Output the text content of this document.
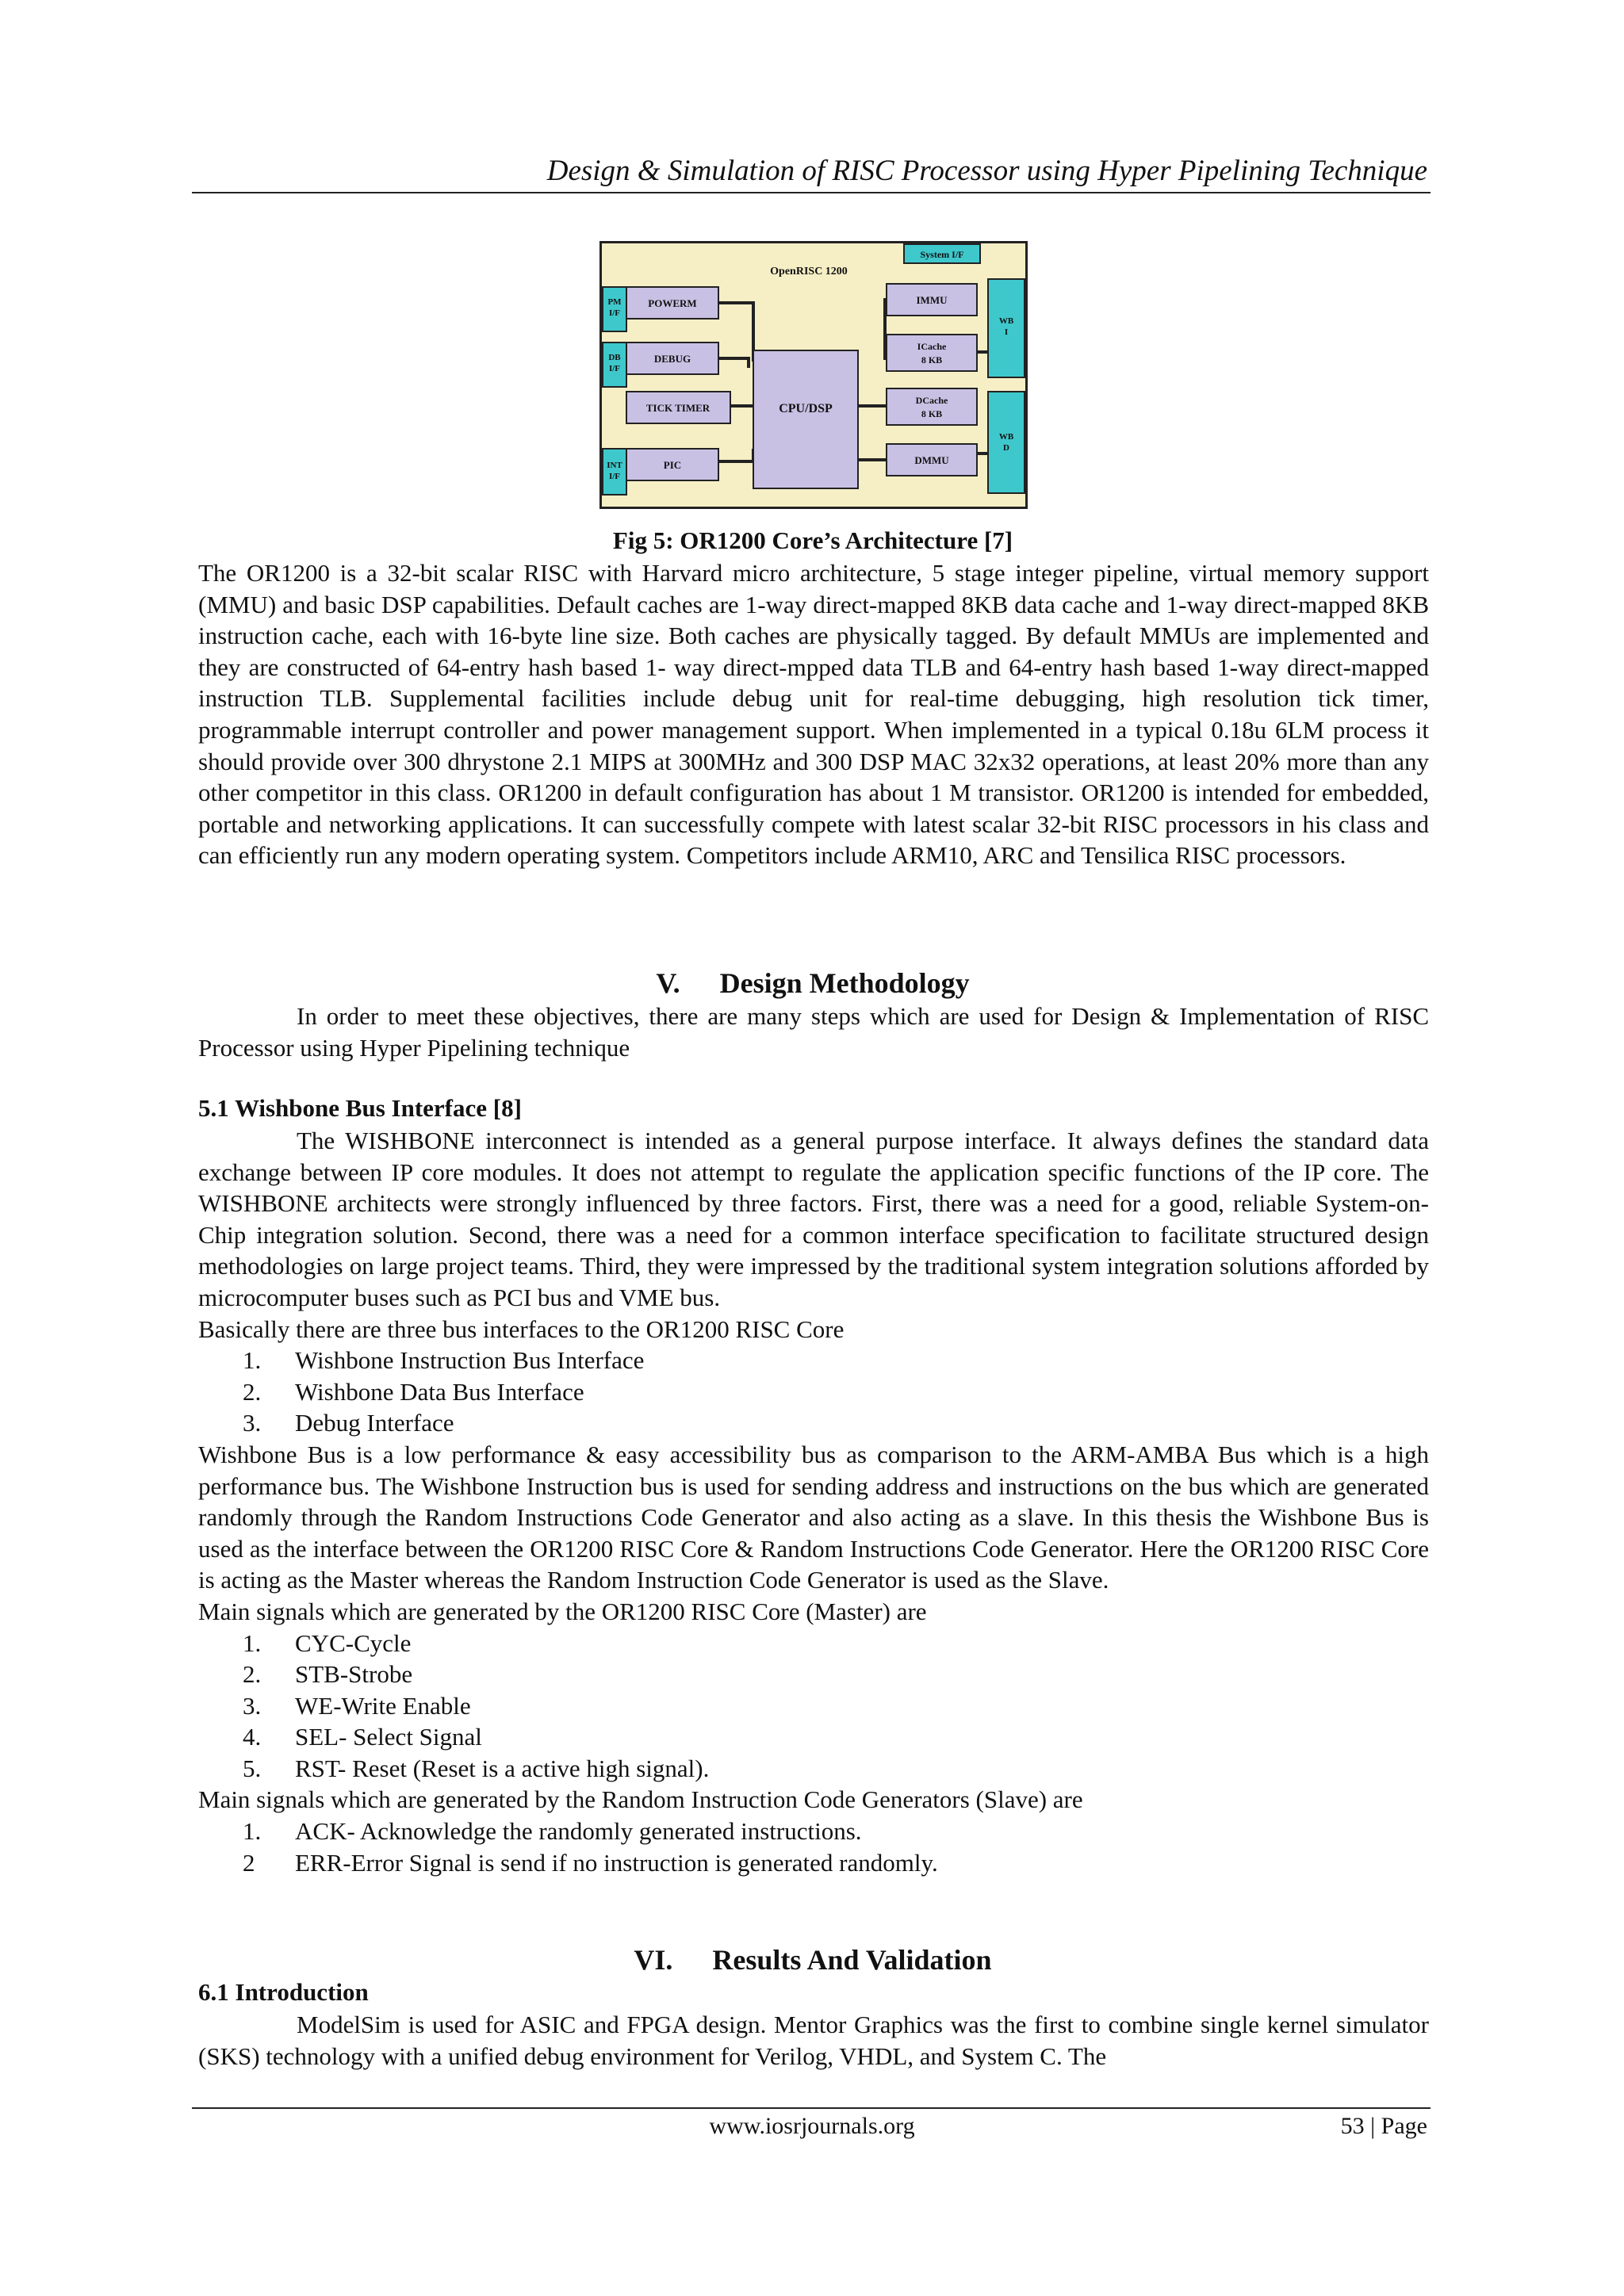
Design & Simulation of RISC Processor using Hyper Pipelining Technique
OpenRISC 1200
System I/F
PM
I/F
DB
I/F
INT
I/F
POWERM
DEBUG
TICK TIMER
PIC
CPU/DSP
IMMU
ICache
8 KB
DCache
8 KB
DMMU
WB
I
WB
D
Fig 5: OR1200 Core’s Architecture [7]

The OR1200 is a 32-bit scalar RISC with Harvard micro architecture, 5 stage integer pipeline, virtual memory support (MMU) and basic DSP capabilities. Default caches are 1-way direct-mapped 8KB data cache and 1-way direct-mapped 8KB instruction cache, each with 16-byte line size. Both caches are physically tagged. By default MMUs are implemented and they are constructed of 64-entry hash based 1- way direct-mpped data TLB and 64-entry hash based 1-way direct-mapped instruction TLB. Supplemental facilities include debug unit for real-time debugging, high resolution tick timer, programmable interrupt controller and power management support. When implemented in a typical 0.18u 6LM process it should provide over 300 dhrystone 2.1 MIPS at 300MHz and 300 DSP MAC 32x32 operations, at least 20% more than any other competitor in this class. OR1200 in default configuration has about 1 M transistor. OR1200 is intended for embedded, portable and networking applications. It can successfully compete with latest scalar 32-bit RISC processors in his class and can efficiently run any modern operating system. Competitors include ARM10, ARC and Tensilica RISC processors.

V. Design Methodology

In order to meet these objectives, there are many steps which are used for Design & Implementation of RISC Processor using Hyper Pipelining technique

5.1 Wishbone Bus Interface [8]

The WISHBONE interconnect is intended as a general purpose interface. It always defines the standard data exchange between IP core modules. It does not attempt to regulate the application specific functions of the IP core. The WISHBONE architects were strongly influenced by three factors. First, there was a need for a good, reliable System-on-Chip integration solution. Second, there was a need for a common interface specification to facilitate structured design methodologies on large project teams. Third, they were impressed by the traditional system integration solutions afforded by microcomputer buses such as PCI bus and VME bus.

Basically there are three bus interfaces to the OR1200 RISC Core

1. Wishbone Instruction Bus Interface
2. Wishbone Data Bus Interface
3. Debug Interface

Wishbone Bus is a low performance & easy accessibility bus as comparison to the ARM-AMBA Bus which is a high performance bus. The Wishbone Instruction bus is used for sending address and instructions on the bus which are generated randomly through the Random Instructions Code Generator and also acting as a slave. In this thesis the Wishbone Bus is used as the interface between the OR1200 RISC Core & Random Instructions Code Generator. Here the OR1200 RISC Core is acting as the Master whereas the Random Instruction Code Generator is used as the Slave.

Main signals which are generated by the OR1200 RISC Core (Master) are

1. CYC-Cycle
2. STB-Strobe
3. WE-Write Enable
4. SEL- Select Signal
5. RST- Reset (Reset is a active high signal).

Main signals which are generated by the Random Instruction Code Generators (Slave) are

1. ACK- Acknowledge the randomly generated instructions.
2 ERR-Error Signal is send if no instruction is generated randomly.
VI. Results And Validation
6.1 Introduction

ModelSim is used for ASIC and FPGA design. Mentor Graphics was the first to combine single kernel simulator (SKS) technology with a unified debug environment for Verilog, VHDL, and System C. The

www.iosrjournals.org	53 | Page
